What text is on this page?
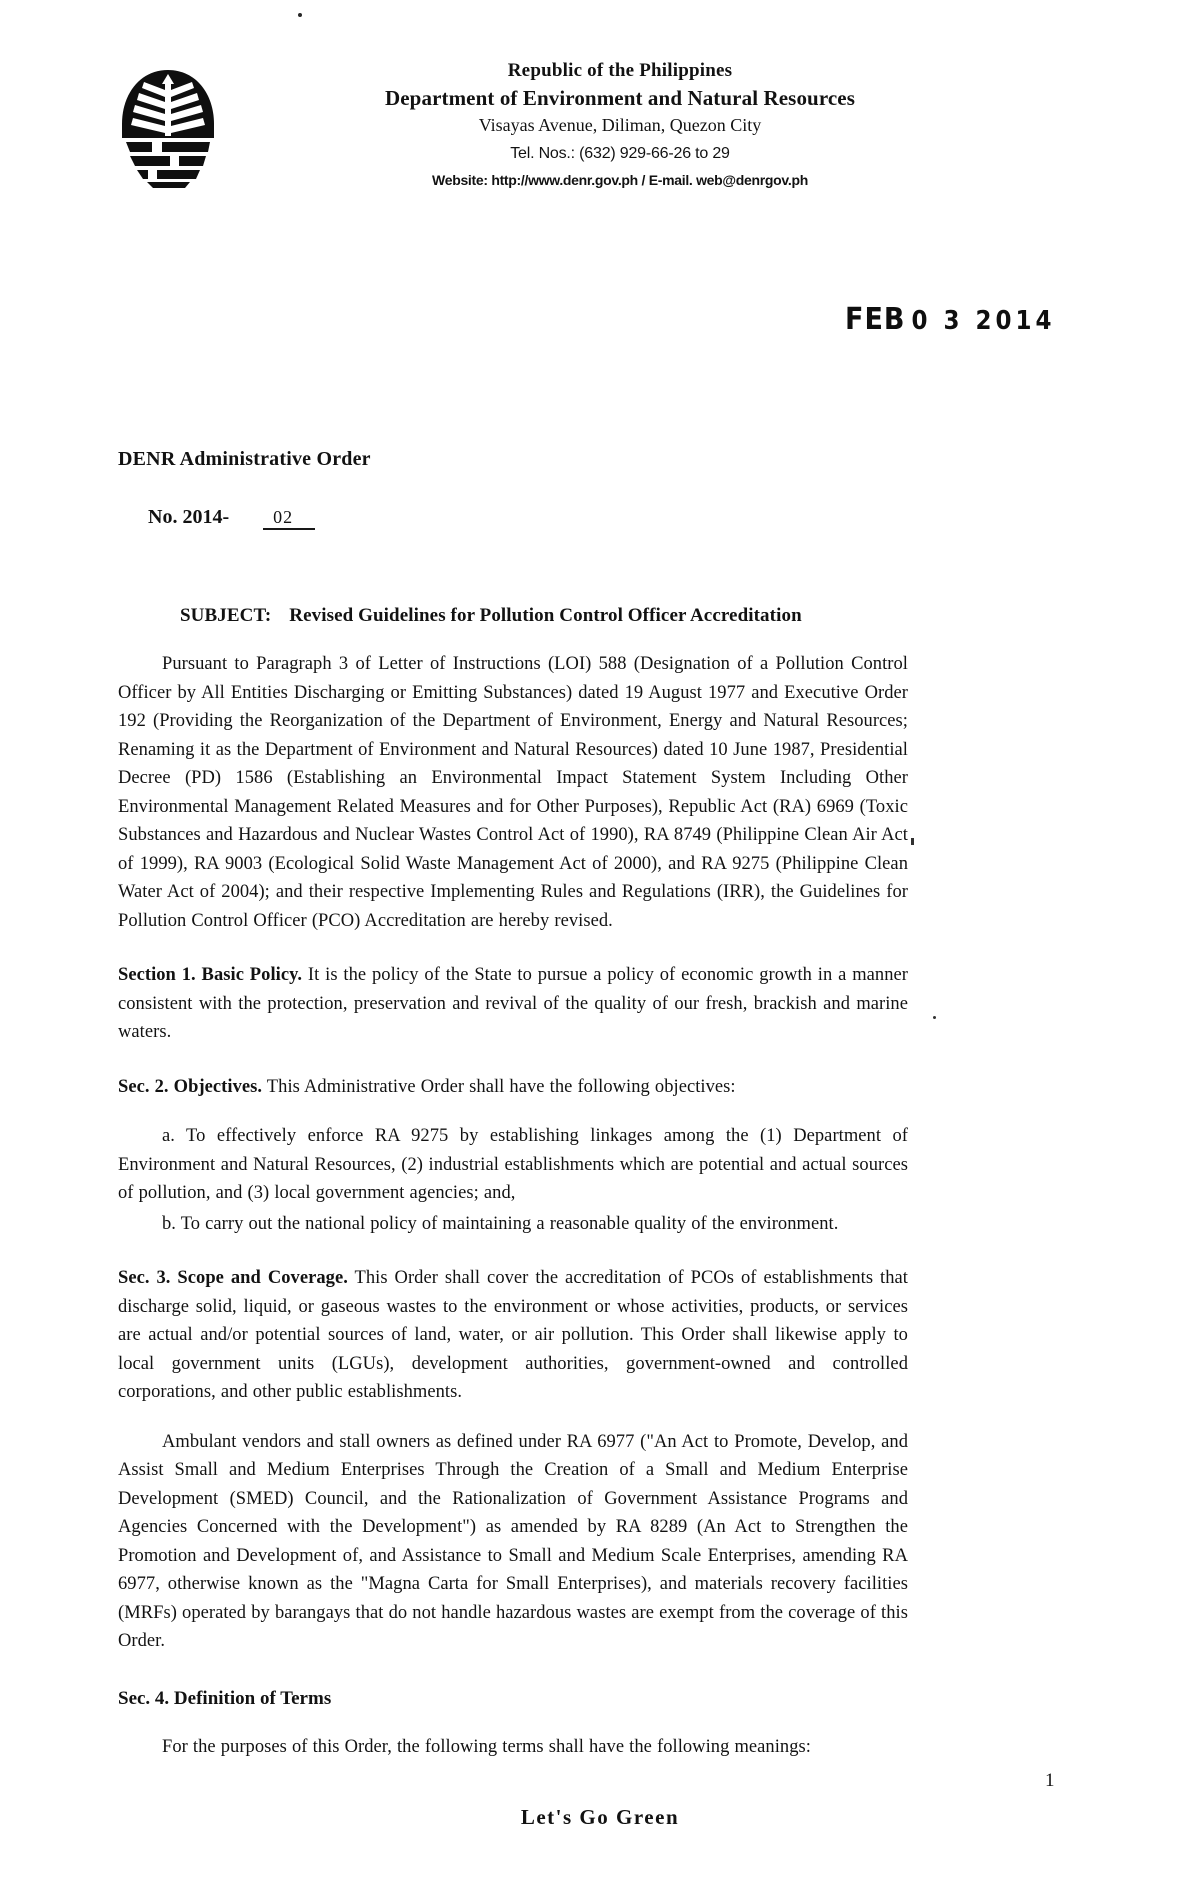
Republic of the Philippines
Department of Environment and Natural Resources
Visayas Avenue, Diliman, Quezon City
Tel. Nos.: (632) 929-66-26 to 29
Website: http://www.denr.gov.ph / E-mail. web@denrgov.ph
FEB 0 3 2014
DENR Administrative Order

No. 2014- 02

SUBJECT: Revised Guidelines for Pollution Control Officer Accreditation

Pursuant to Paragraph 3 of Letter of Instructions (LOI) 588 (Designation of a Pollution Control Officer by All Entities Discharging or Emitting Substances) dated 19 August 1977 and Executive Order 192 (Providing the Reorganization of the Department of Environment, Energy and Natural Resources; Renaming it as the Department of Environment and Natural Resources) dated 10 June 1987, Presidential Decree (PD) 1586 (Establishing an Environmental Impact Statement System Including Other Environmental Management Related Measures and for Other Purposes), Republic Act (RA) 6969 (Toxic Substances and Hazardous and Nuclear Wastes Control Act of 1990), RA 8749 (Philippine Clean Air Act of 1999), RA 9003 (Ecological Solid Waste Management Act of 2000), and RA 9275 (Philippine Clean Water Act of 2004); and their respective Implementing Rules and Regulations (IRR), the Guidelines for Pollution Control Officer (PCO) Accreditation are hereby revised.

Section 1. Basic Policy. It is the policy of the State to pursue a policy of economic growth in a manner consistent with the protection, preservation and revival of the quality of our fresh, brackish and marine waters.

Sec. 2. Objectives. This Administrative Order shall have the following objectives:

a. To effectively enforce RA 9275 by establishing linkages among the (1) Department of Environment and Natural Resources, (2) industrial establishments which are potential and actual sources of pollution, and (3) local government agencies; and,

b. To carry out the national policy of maintaining a reasonable quality of the environment.

Sec. 3. Scope and Coverage. This Order shall cover the accreditation of PCOs of establishments that discharge solid, liquid, or gaseous wastes to the environment or whose activities, products, or services are actual and/or potential sources of land, water, or air pollution. This Order shall likewise apply to local government units (LGUs), development authorities, government-owned and controlled corporations, and other public establishments.

Ambulant vendors and stall owners as defined under RA 6977 ("An Act to Promote, Develop, and Assist Small and Medium Enterprises Through the Creation of a Small and Medium Enterprise Development (SMED) Council, and the Rationalization of Government Assistance Programs and Agencies Concerned with the Development") as amended by RA 8289 (An Act to Strengthen the Promotion and Development of, and Assistance to Small and Medium Scale Enterprises, amending RA 6977, otherwise known as the "Magna Carta for Small Enterprises), and materials recovery facilities (MRFs) operated by barangays that do not handle hazardous wastes are exempt from the coverage of this Order.

Sec. 4. Definition of Terms

For the purposes of this Order, the following terms shall have the following meanings:

1
Let's Go Green
